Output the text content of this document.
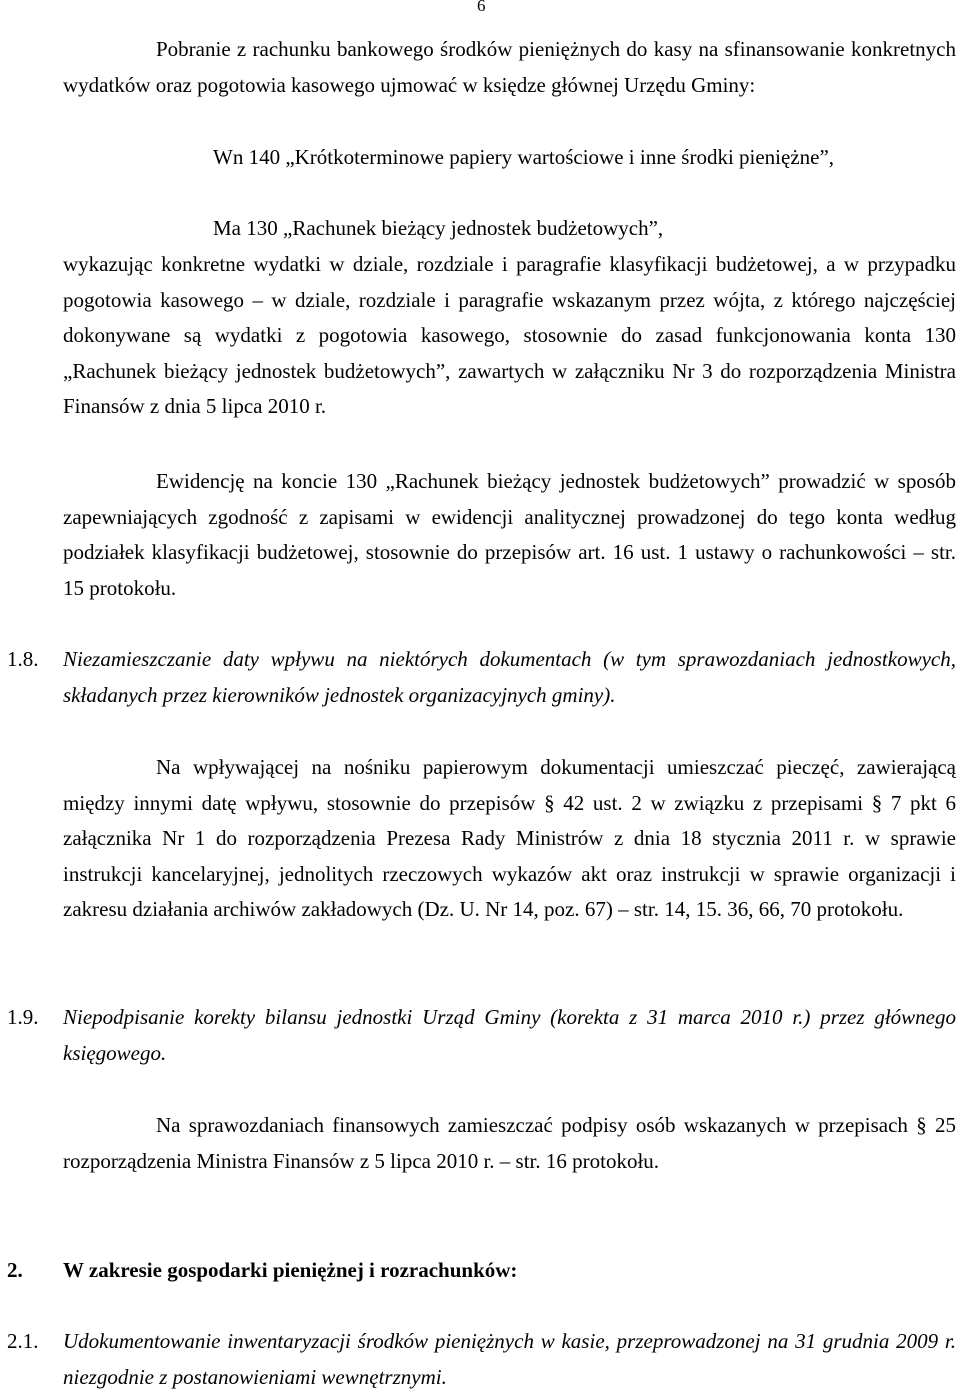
6

Pobranie z rachunku bankowego środków pieniężnych do kasy na sfinansowanie konkretnych wydatków oraz pogotowia kasowego ujmować w księdze głównej Urzędu Gminy:

Wn 140 „Krótkoterminowe papiery wartościowe i inne środki pieniężne”,

Ma 130 „Rachunek bieżący jednostek budżetowych”,

wykazując konkretne wydatki w dziale, rozdziale i paragrafie klasyfikacji budżetowej, a w przypadku pogotowia kasowego – w dziale, rozdziale i paragrafie wskazanym przez wójta, z którego najczęściej dokonywane są wydatki z pogotowia kasowego, stosownie do zasad funkcjonowania konta 130 „Rachunek bieżący jednostek budżetowych”, zawartych w załączniku Nr 3 do rozporządzenia Ministra Finansów z dnia 5 lipca 2010 r.

Ewidencję na koncie 130 „Rachunek bieżący jednostek budżetowych” prowadzić w sposób zapewniających zgodność z zapisami w ewidencji analitycznej prowadzonej do tego konta według podziałek klasyfikacji budżetowej, stosownie do przepisów art. 16 ust. 1 ustawy o rachunkowości – str. 15 protokołu.

1.8. Niezamieszczanie daty wpływu na niektórych dokumentach (w tym sprawozdaniach jednostkowych, składanych przez kierowników jednostek organizacyjnych gminy).

Na wpływającej na nośniku papierowym dokumentacji umieszczać pieczęć, zawierającą między innymi datę wpływu, stosownie do przepisów § 42 ust. 2 w związku z przepisami § 7 pkt 6 załącznika Nr 1 do rozporządzenia Prezesa Rady Ministrów z dnia 18 stycznia 2011 r. w sprawie instrukcji kancelaryjnej, jednolitych rzeczowych wykazów akt oraz instrukcji w sprawie organizacji i zakresu działania archiwów zakładowych (Dz. U. Nr 14, poz. 67) – str. 14, 15. 36, 66, 70 protokołu.

1.9. Niepodpisanie korekty bilansu jednostki Urząd Gminy (korekta z 31 marca 2010 r.) przez głównego księgowego.

Na sprawozdaniach finansowych zamieszczać podpisy osób wskazanych w przepisach § 25 rozporządzenia Ministra Finansów z 5 lipca 2010 r. – str. 16 protokołu.

2. W zakresie gospodarki pieniężnej i rozrachunków:

2.1. Udokumentowanie inwentaryzacji środków pieniężnych w kasie, przeprowadzonej na 31 grudnia 2009 r. niezgodnie z postanowieniami wewnętrznymi.
